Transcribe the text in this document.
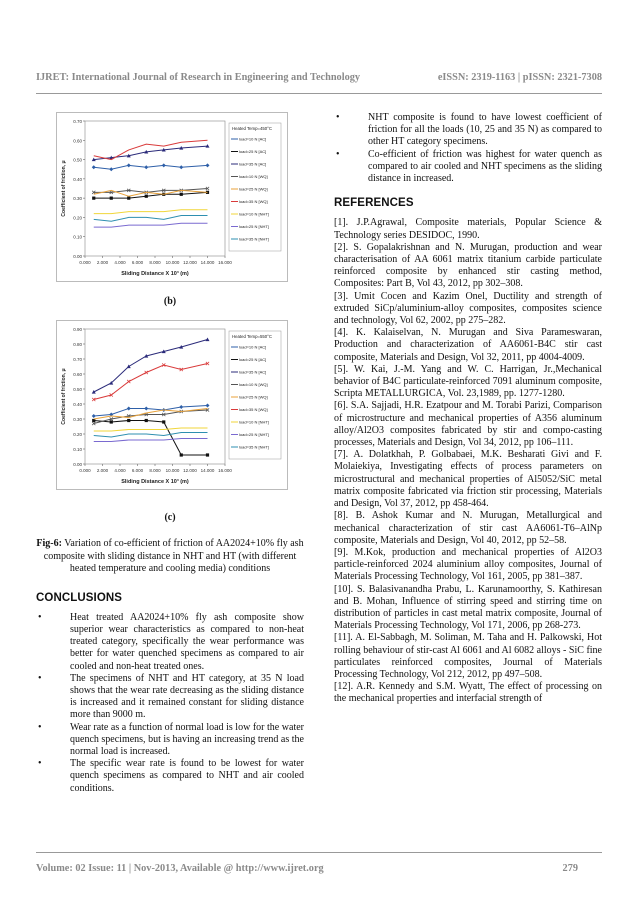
IJRET: International Journal of Research in Engineering and Technology	eISSN: 2319-1163 | pISSN: 2321-7308
0.00
0.10
0.20
0.30
0.40
0.50
0.60
0.70
0.000 2.000 4.000 6.000 8.000 10.000 12.000 14.000 16.000
Sliding Distance X 10³ (m)
Coefficient of friction, μ
Heated Temp=450°C
load=10 N [AC]
load=25 N [AC]
load=35 N [AC]
load=10 N [WQ]
load=25 N [WQ]
load=35 N [WQ]
load=10 N [NHT]
load=25 N [NHT]
load=35 N [NHT]
(b)
0.00
0.10
0.20
0.30
0.40
0.50
0.60
0.70
0.80
0.90
0.000 2.000 4.000 6.000 8.000 10.000 12.000 14.000 16.000
Sliding Distance X 10³ (m)
Coefficient of friction, μ
Heated Temp=550°C
load=10 N [AC]
load=25 N [AC]
load=35 N [AC]
load=10 N [WQ]
load=25 N [WQ]
load=35 N [WQ]
load=10 N [NHT]
load=25 N [NHT]
load=35 N [NHT]
(c)
Fig-6: Variation of co-efficient of friction of AA2024+10% fly ash composite with sliding distance in NHT and HT (with different heated temperature and cooling media) conditions
CONCLUSIONS
• Heat treated AA2024+10% fly ash composite show superior wear characteristics as compared to non-heat treated category, specifically the wear performance was better for water quenched specimens as compared to air cooled and non-heat treated ones.
• The specimens of NHT and HT category, at 35 N load shows that the wear rate decreasing as the sliding distance is increased and it remained constant for sliding distance more than 9000 m.
• Wear rate as a function of normal load is low for the water quench specimens, but is having an increasing trend as the normal load is increased.
• The specific wear rate is found to be lowest for water quench specimens as compared to NHT and air cooled conditions.
• NHT composite is found to have lowest coefficient of friction for all the loads (10, 25 and 35 N) as compared to other HT category specimens.
• Co-efficient of friction was highest for water quench as compared to air cooled and NHT specimens as the sliding distance in increased.
REFERENCES

[1]. J.P.Agrawal, Composite materials, Popular Science & Technology series DESIDOC, 1990.

[2]. S. Gopalakrishnan and N. Murugan, production and wear characterisation of AA 6061 matrix titanium carbide particulate reinforced composite by enhanced stir casting method, Composites: Part B, Vol 43, 2012, pp 302–308.

[3]. Umit Cocen and Kazim Onel, Ductility and strength of extruded SiCp/aluminium-alloy composites, composites science and technology, Vol 62, 2002, pp 275–282.

[4]. K. Kalaiselvan, N. Murugan and Siva Parameswaran, Production and characterization of AA6061-B4C stir cast composite, Materials and Design, Vol 32, 2011, pp 4004-4009.

[5]. W. Kai, J.-M. Yang and W. C. Harrigan, Jr.,Mechanical behavior of B4C particulate-reinforced 7091 aluminum composite, Scripta METALLURGICA, Vol. 23,1989, pp. 1277-1280.

[6]. S.A. Sajjadi, H.R. Ezatpour and M. Torabi Parizi, Comparison of microstructure and mechanical properties of A356 aluminum alloy/Al2O3 composites fabricated by stir and compo-casting processes, Materials and Design, Vol 34, 2012, pp 106–111.

[7]. A. Dolatkhah, P. Golbabaei, M.K. Besharati Givi and F. Molaiekiya, Investigating effects of process parameters on microstructural and mechanical properties of Al5052/SiC metal matrix composite fabricated via friction stir processing, Materials and Design, Vol 37, 2012, pp 458-464.

[8]. B. Ashok Kumar and N. Murugan, Metallurgical and mechanical characterization of stir cast AA6061-T6–AlNp composite, Materials and Design, Vol 40, 2012, pp 52–58.

[9]. M.Kok, production and mechanical properties of Al2O3 particle-reinforced 2024 aluminium alloy composites, Journal of Materials Processing Technology, Vol 161, 2005, pp 381–387.

[10]. S. Balasivanandha Prabu, L. Karunamoorthy, S. Kathiresan and B. Mohan, Influence of stirring speed and stirring time on distribution of particles in cast metal matrix composite, Journal of Materials Processing Technology, Vol 171, 2006, pp 268-273.

[11]. A. El-Sabbagh, M. Soliman, M. Taha and H. Palkowski, Hot rolling behaviour of stir-cast Al 6061 and Al 6082 alloys - SiC fine particulates reinforced composites, Journal of Materials Processing Technology, Vol 212, 2012, pp 497–508.

[12]. A.R. Kennedy and S.M. Wyatt, The effect of processing on the mechanical properties and interfacial strength of

Volume: 02 Issue: 11 | Nov-2013, Available @ http://www.ijret.org	279
